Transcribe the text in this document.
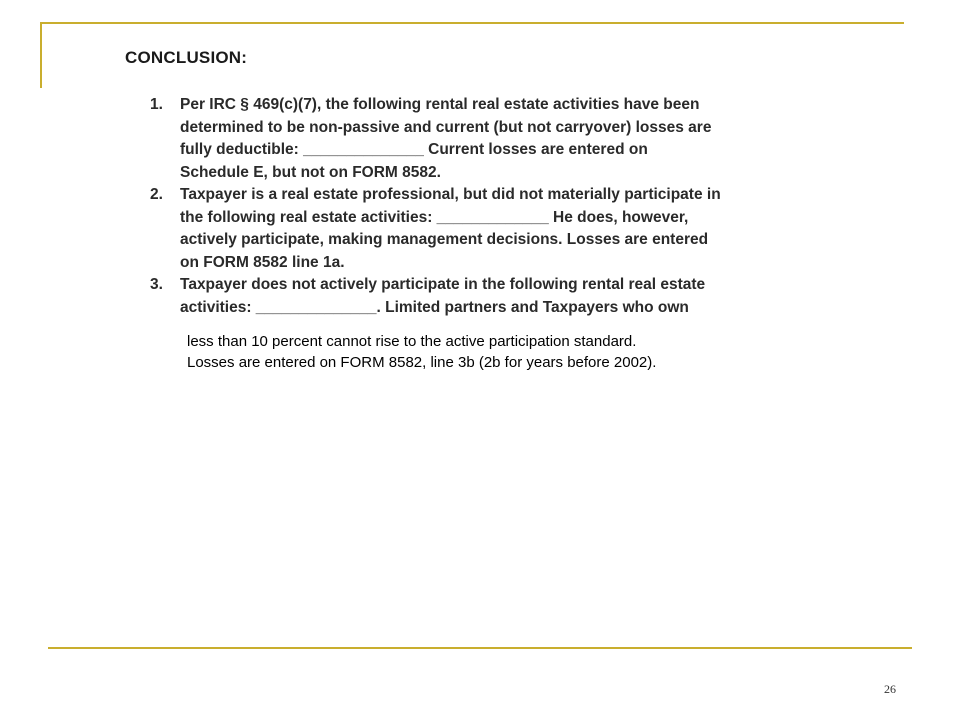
CONCLUSION:
1. Per IRC § 469(c)(7), the following rental real estate activities have been
determined to be non-passive and current (but not carryover) losses are
fully deductible: ______________ Current losses are entered on
Schedule E, but not on FORM 8582.
2. Taxpayer is a real estate professional, but did not materially participate in
the following real estate activities: _____________ He does, however,
actively participate, making management decisions. Losses are entered
on FORM 8582 line 1a.
3. Taxpayer does not actively participate in the following rental real estate
activities: ______________. Limited partners and Taxpayers who own

less than 10 percent cannot rise to the active participation standard.
Losses are entered on FORM 8582, line 3b (2b for years before 2002).

26
